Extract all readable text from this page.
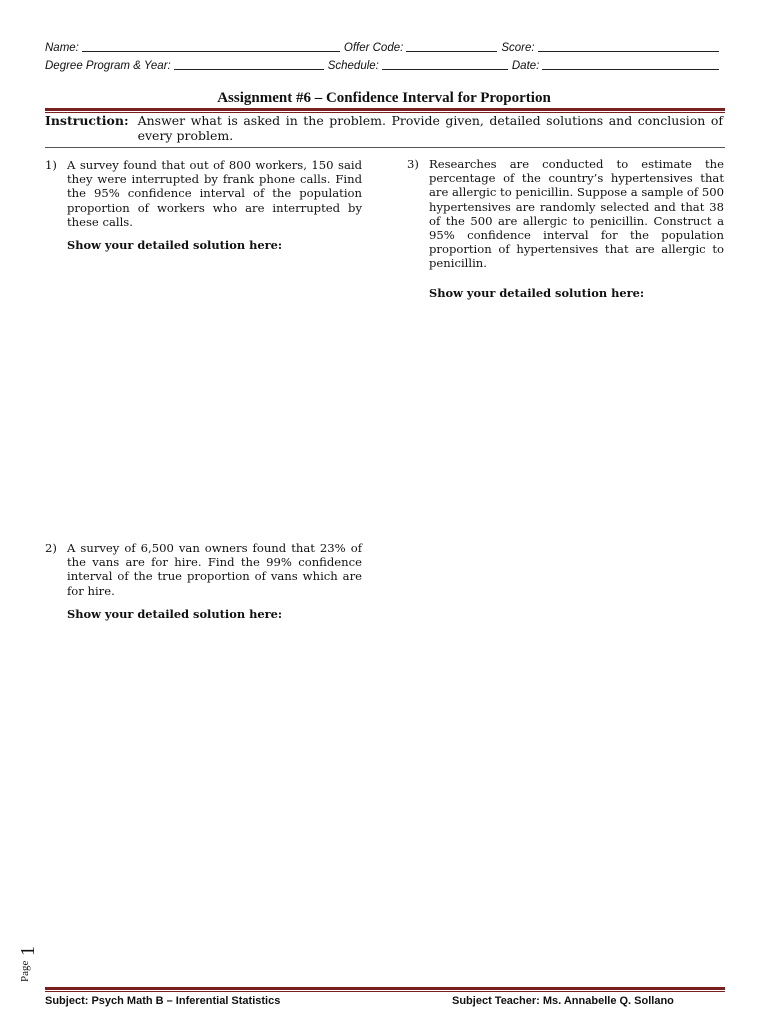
Name:	Offer Code:	Score:
Degree Program & Year:	Schedule:	Date:
Assignment #6 – Confidence Interval for Proportion
Instruction: Answer what is asked in the problem. Provide given, detailed solutions and conclusion of every problem.
1) A survey found that out of 800 workers, 150 said they were interrupted by frank phone calls. Find the 95% confidence interval of the population proportion of workers who are interrupted by these calls.
Show your detailed solution here:
3) Researches are conducted to estimate the percentage of the country’s hypertensives that are allergic to penicillin. Suppose a sample of 500 hypertensives are randomly selected and that 38 of the 500 are allergic to penicillin. Construct a 95% confidence interval for the population proportion of hypertensives that are allergic to penicillin.
Show your detailed solution here:
2) A survey of 6,500 van owners found that 23% of the vans are for hire. Find the 99% confidence interval of the true proportion of vans which are for hire.
Show your detailed solution here:
Page
1
Subject: Psych Math B – Inferential Statistics	Subject Teacher: Ms. Annabelle Q. Sollano
